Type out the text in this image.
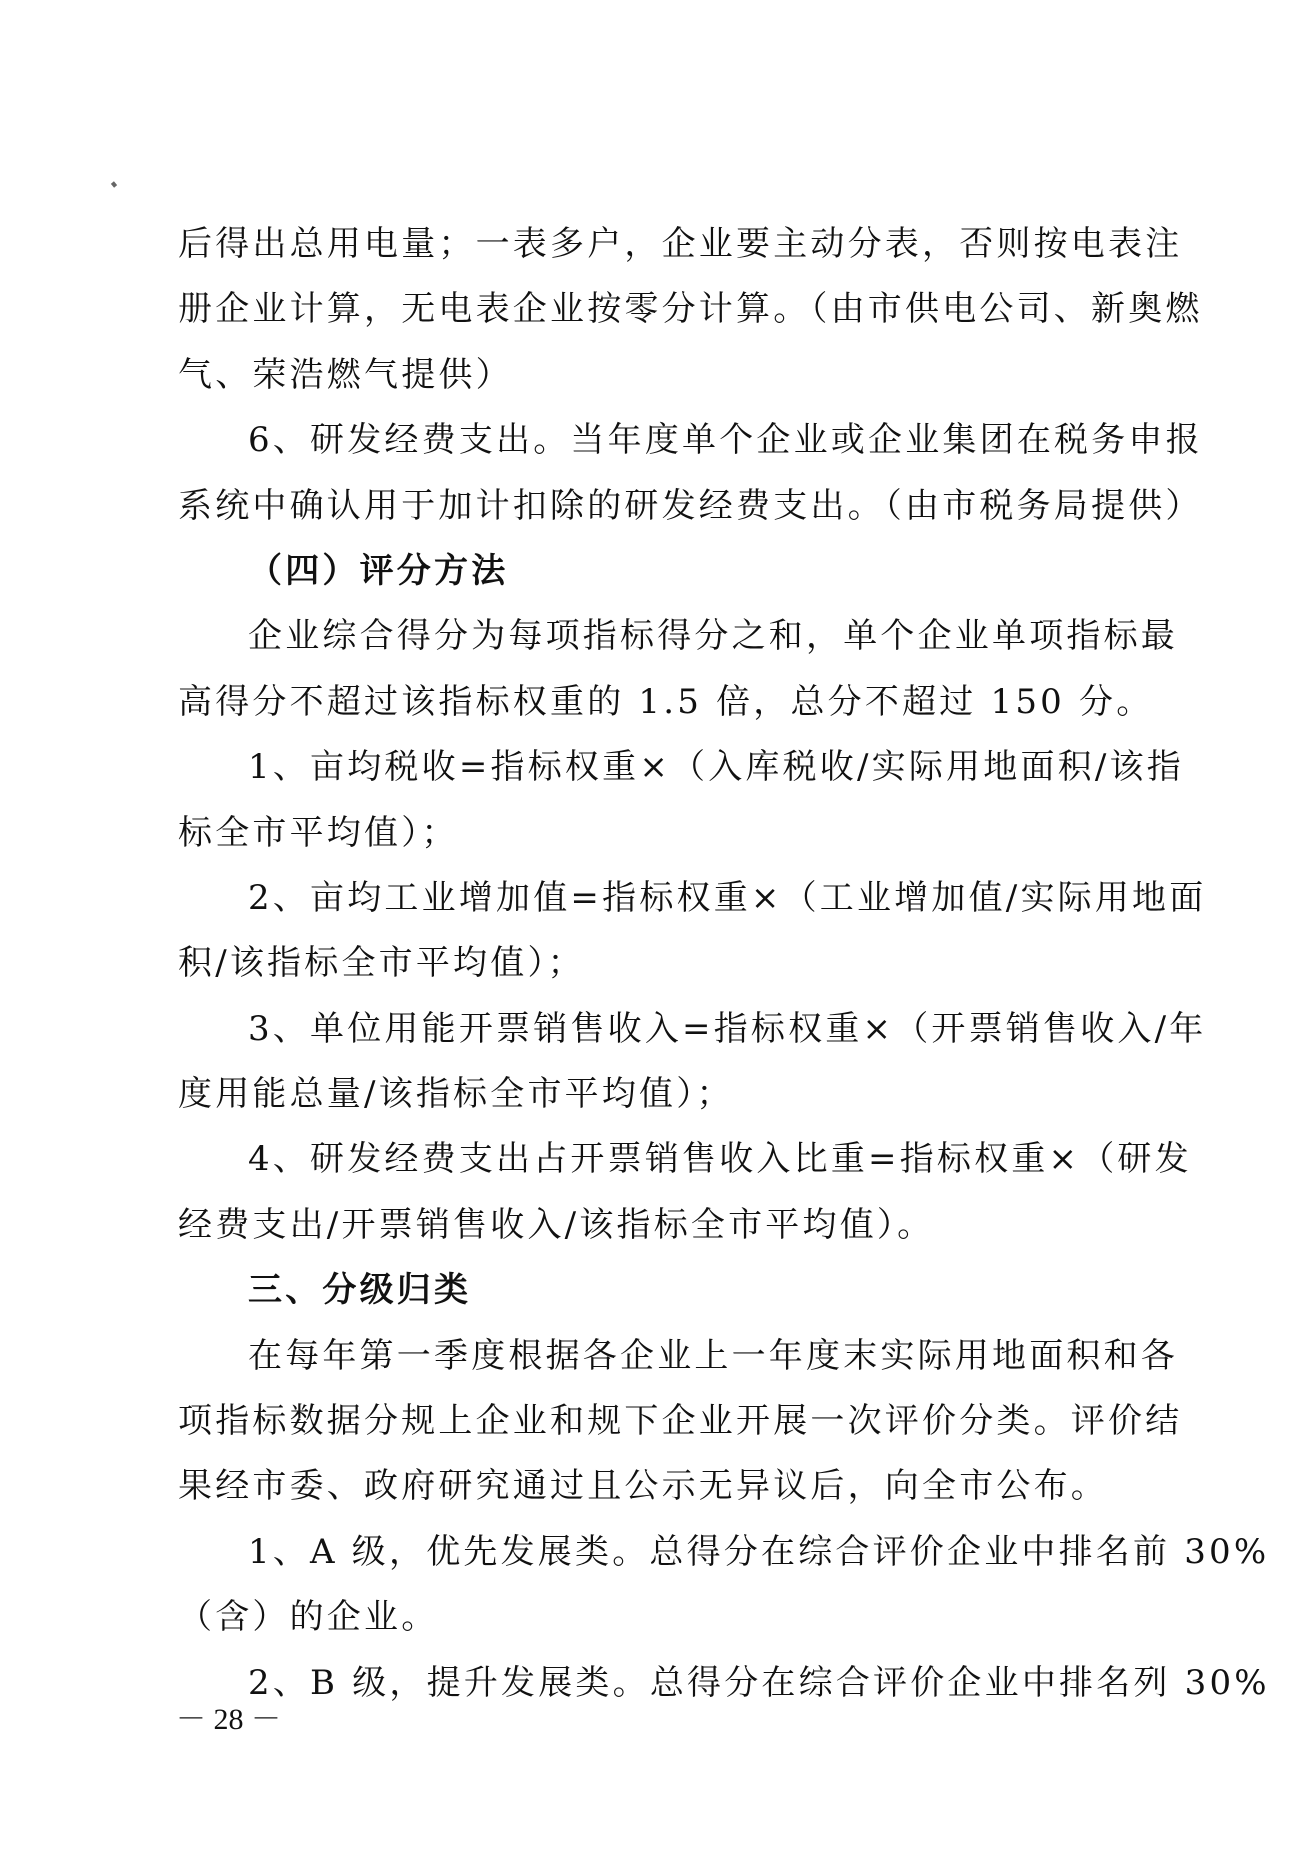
后得出总用电量；一表多户，企业要主动分表，否则按电表注
册企业计算，无电表企业按零分计算。（由市供电公司、新奥燃
气、荣浩燃气提供）
6、研发经费支出。当年度单个企业或企业集团在税务申报
系统中确认用于加计扣除的研发经费支出。（由市税务局提供）
（四）评分方法
企业综合得分为每项指标得分之和，单个企业单项指标最
高得分不超过该指标权重的 1.5 倍，总分不超过 150 分。
1、亩均税收=指标权重×（入库税收/实际用地面积/该指
标全市平均值）；
2、亩均工业增加值=指标权重×（工业增加值/实际用地面
积/该指标全市平均值）；
3、单位用能开票销售收入=指标权重×（开票销售收入/年
度用能总量/该指标全市平均值）；
4、研发经费支出占开票销售收入比重=指标权重×（研发
经费支出/开票销售收入/该指标全市平均值）。
三、分级归类
在每年第一季度根据各企业上一年度末实际用地面积和各
项指标数据分规上企业和规下企业开展一次评价分类。评价结
果经市委、政府研究通过且公示无异议后，向全市公布。
1、A 级，优先发展类。总得分在综合评价企业中排名前 30%
（含）的企业。
2、B 级，提升发展类。总得分在综合评价企业中排名列 30%
－ 28 －
